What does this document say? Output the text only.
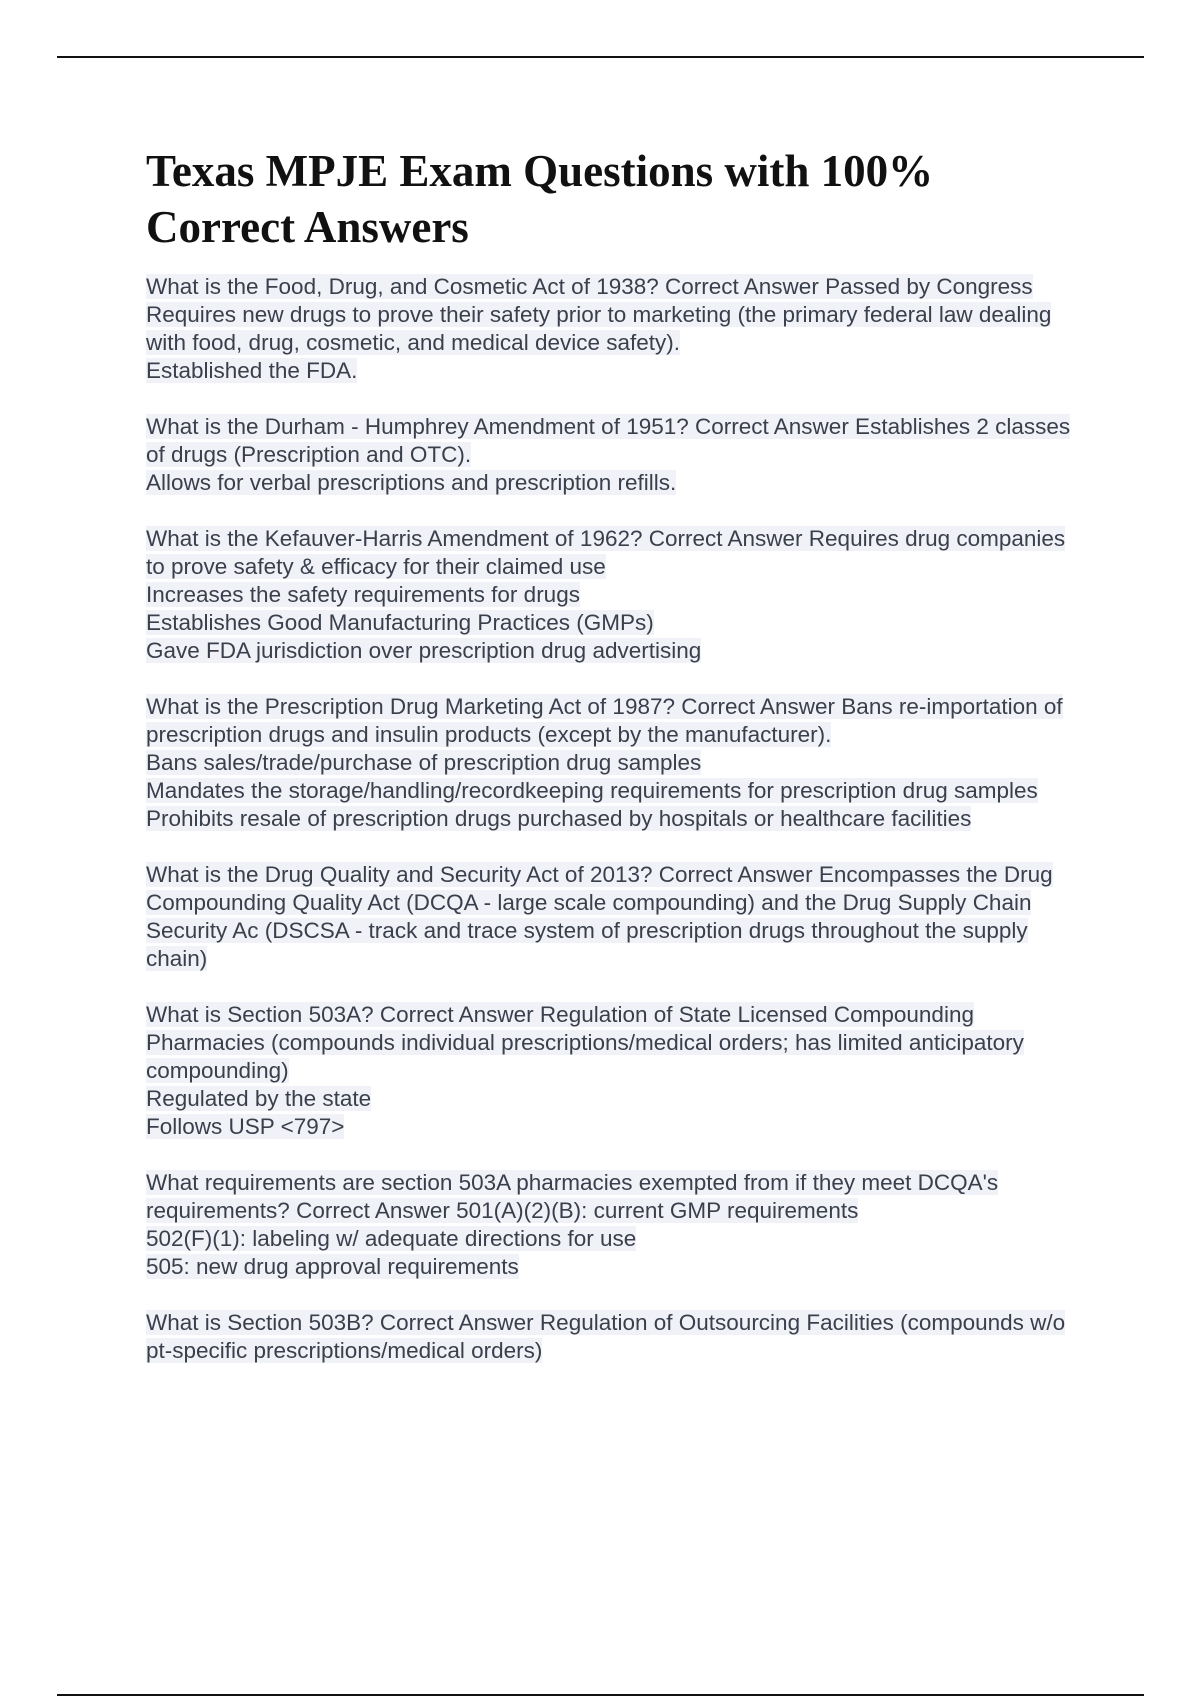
Texas MPJE Exam Questions with 100% Correct Answers
What is the Food, Drug, and Cosmetic Act of 1938? Correct Answer Passed by Congress
Requires new drugs to prove their safety prior to marketing (the primary federal law dealing with food, drug, cosmetic, and medical device safety).
Established the FDA.
What is the Durham - Humphrey Amendment of 1951? Correct Answer Establishes 2 classes of drugs (Prescription and OTC).
Allows for verbal prescriptions and prescription refills.
What is the Kefauver-Harris Amendment of 1962? Correct Answer Requires drug companies to prove safety & efficacy for their claimed use
Increases the safety requirements for drugs
Establishes Good Manufacturing Practices (GMPs)
Gave FDA jurisdiction over prescription drug advertising
What is the Prescription Drug Marketing Act of 1987? Correct Answer Bans re-importation of prescription drugs and insulin products (except by the manufacturer).
Bans sales/trade/purchase of prescription drug samples
Mandates the storage/handling/recordkeeping requirements for prescription drug samples
Prohibits resale of prescription drugs purchased by hospitals or healthcare facilities
What is the Drug Quality and Security Act of 2013? Correct Answer Encompasses the Drug Compounding Quality Act (DCQA - large scale compounding) and the Drug Supply Chain Security Ac (DSCSA - track and trace system of prescription drugs throughout the supply chain)
What is Section 503A? Correct Answer Regulation of State Licensed Compounding Pharmacies (compounds individual prescriptions/medical orders; has limited anticipatory compounding)
Regulated by the state
Follows USP <797>
What requirements are section 503A pharmacies exempted from if they meet DCQA's requirements? Correct Answer 501(A)(2)(B): current GMP requirements
502(F)(1): labeling w/ adequate directions for use
505: new drug approval requirements
What is Section 503B? Correct Answer Regulation of Outsourcing Facilities (compounds w/o pt-specific prescriptions/medical orders)
